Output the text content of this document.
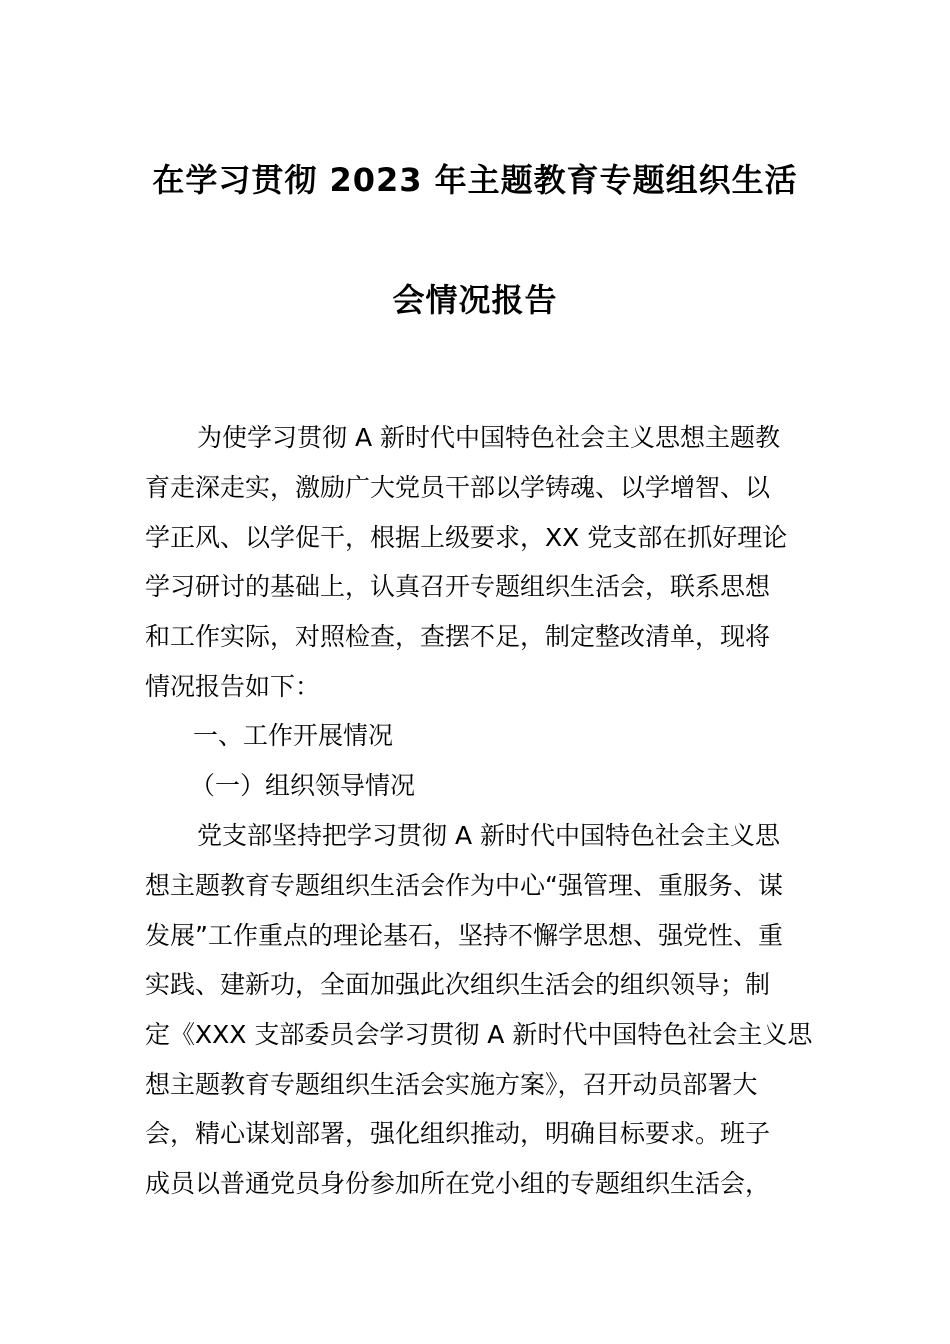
在学习贯彻 2023 年主题教育专题组织生活
会情况报告
为使学习贯彻 A 新时代中国特色社会主义思想主题教
育走深走实，激励广大党员干部以学铸魂、以学增智、以
学正风、以学促干，根据上级要求，XX 党支部在抓好理论
学习研讨的基础上，认真召开专题组织生活会，联系思想
和工作实际，对照检查，查摆不足，制定整改清单，现将
情况报告如下：
一、工作开展情况
（一）组织领导情况
党支部坚持把学习贯彻 A 新时代中国特色社会主义思
想主题教育专题组织生活会作为中心“强管理、重服务、谋
发展”工作重点的理论基石，坚持不懈学思想、强党性、重
实践、建新功，全面加强此次组织生活会的组织领导；制
定《XXX 支部委员会学习贯彻 A 新时代中国特色社会主义思
想主题教育专题组织生活会实施方案》，召开动员部署大
会，精心谋划部署，强化组织推动，明确目标要求。班子
成员以普通党员身份参加所在党小组的专题组织生活会，
